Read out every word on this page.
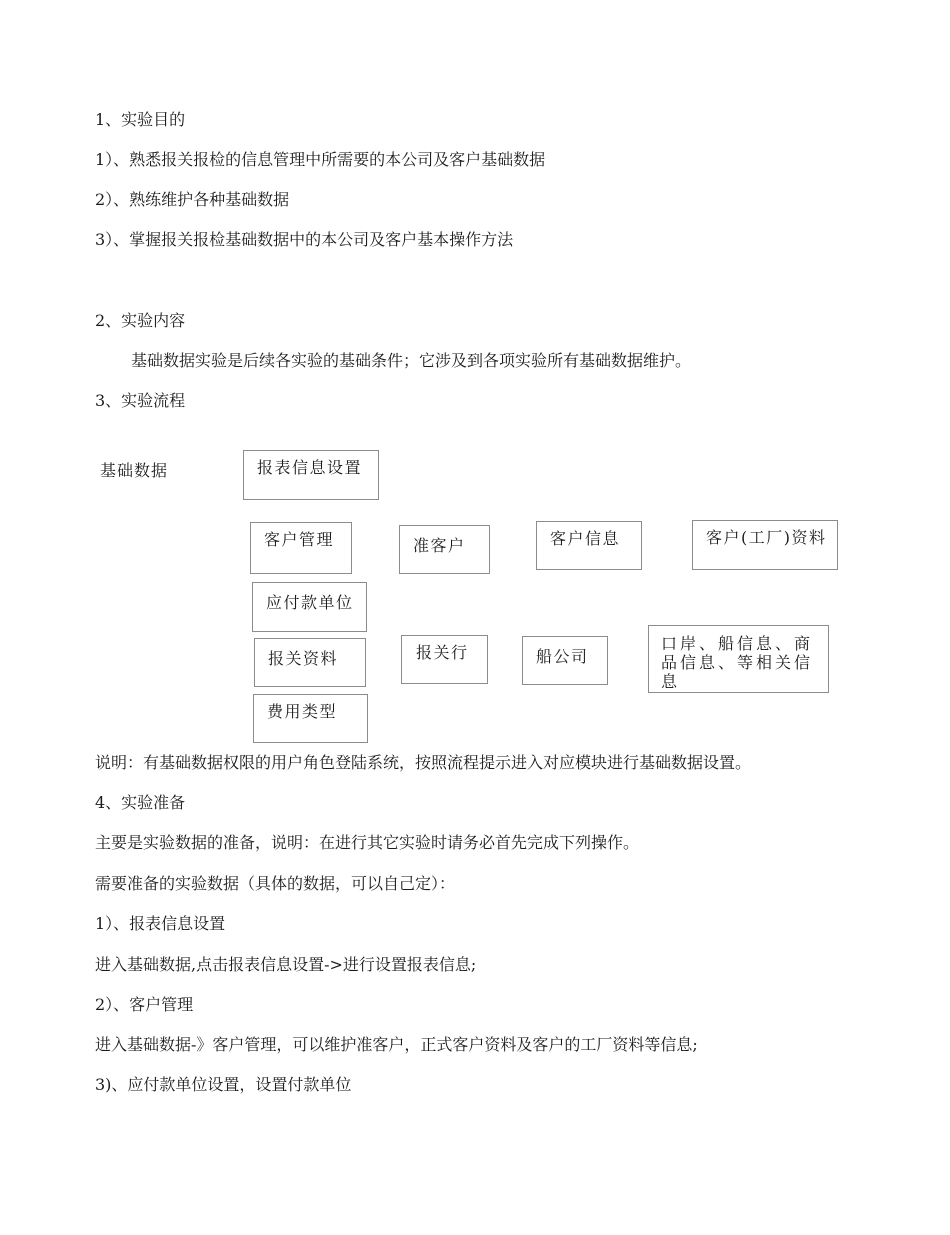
1、实验目的

1）、熟悉报关报检的信息管理中所需要的本公司及客户基础数据

2）、熟练维护各种基础数据

3）、掌握报关报检基础数据中的本公司及客户基本操作方法

2、实验内容

基础数据实验是后续各实验的基础条件；它涉及到各项实验所有基础数据维护。

3、实验流程

基础数据	报表信息设置
客户管理	准客户	客户信息	客户(工厂)资料
应付款单位
报关资料	报关行	船公司
口岸、船信息、商品信息、等相关信息
费用类型

说明：有基础数据权限的用户角色登陆系统，按照流程提示进入对应模块进行基础数据设置。

4、实验准备

主要是实验数据的准备，说明：在进行其它实验时请务必首先完成下列操作。

需要准备的实验数据（具体的数据，可以自己定）：

1）、报表信息设置

进入基础数据,点击报表信息设置->进行设置报表信息;

2）、客户管理

进入基础数据-》客户管理，可以维护准客户，正式客户资料及客户的工厂资料等信息;

3)、应付款单位设置，设置付款单位
